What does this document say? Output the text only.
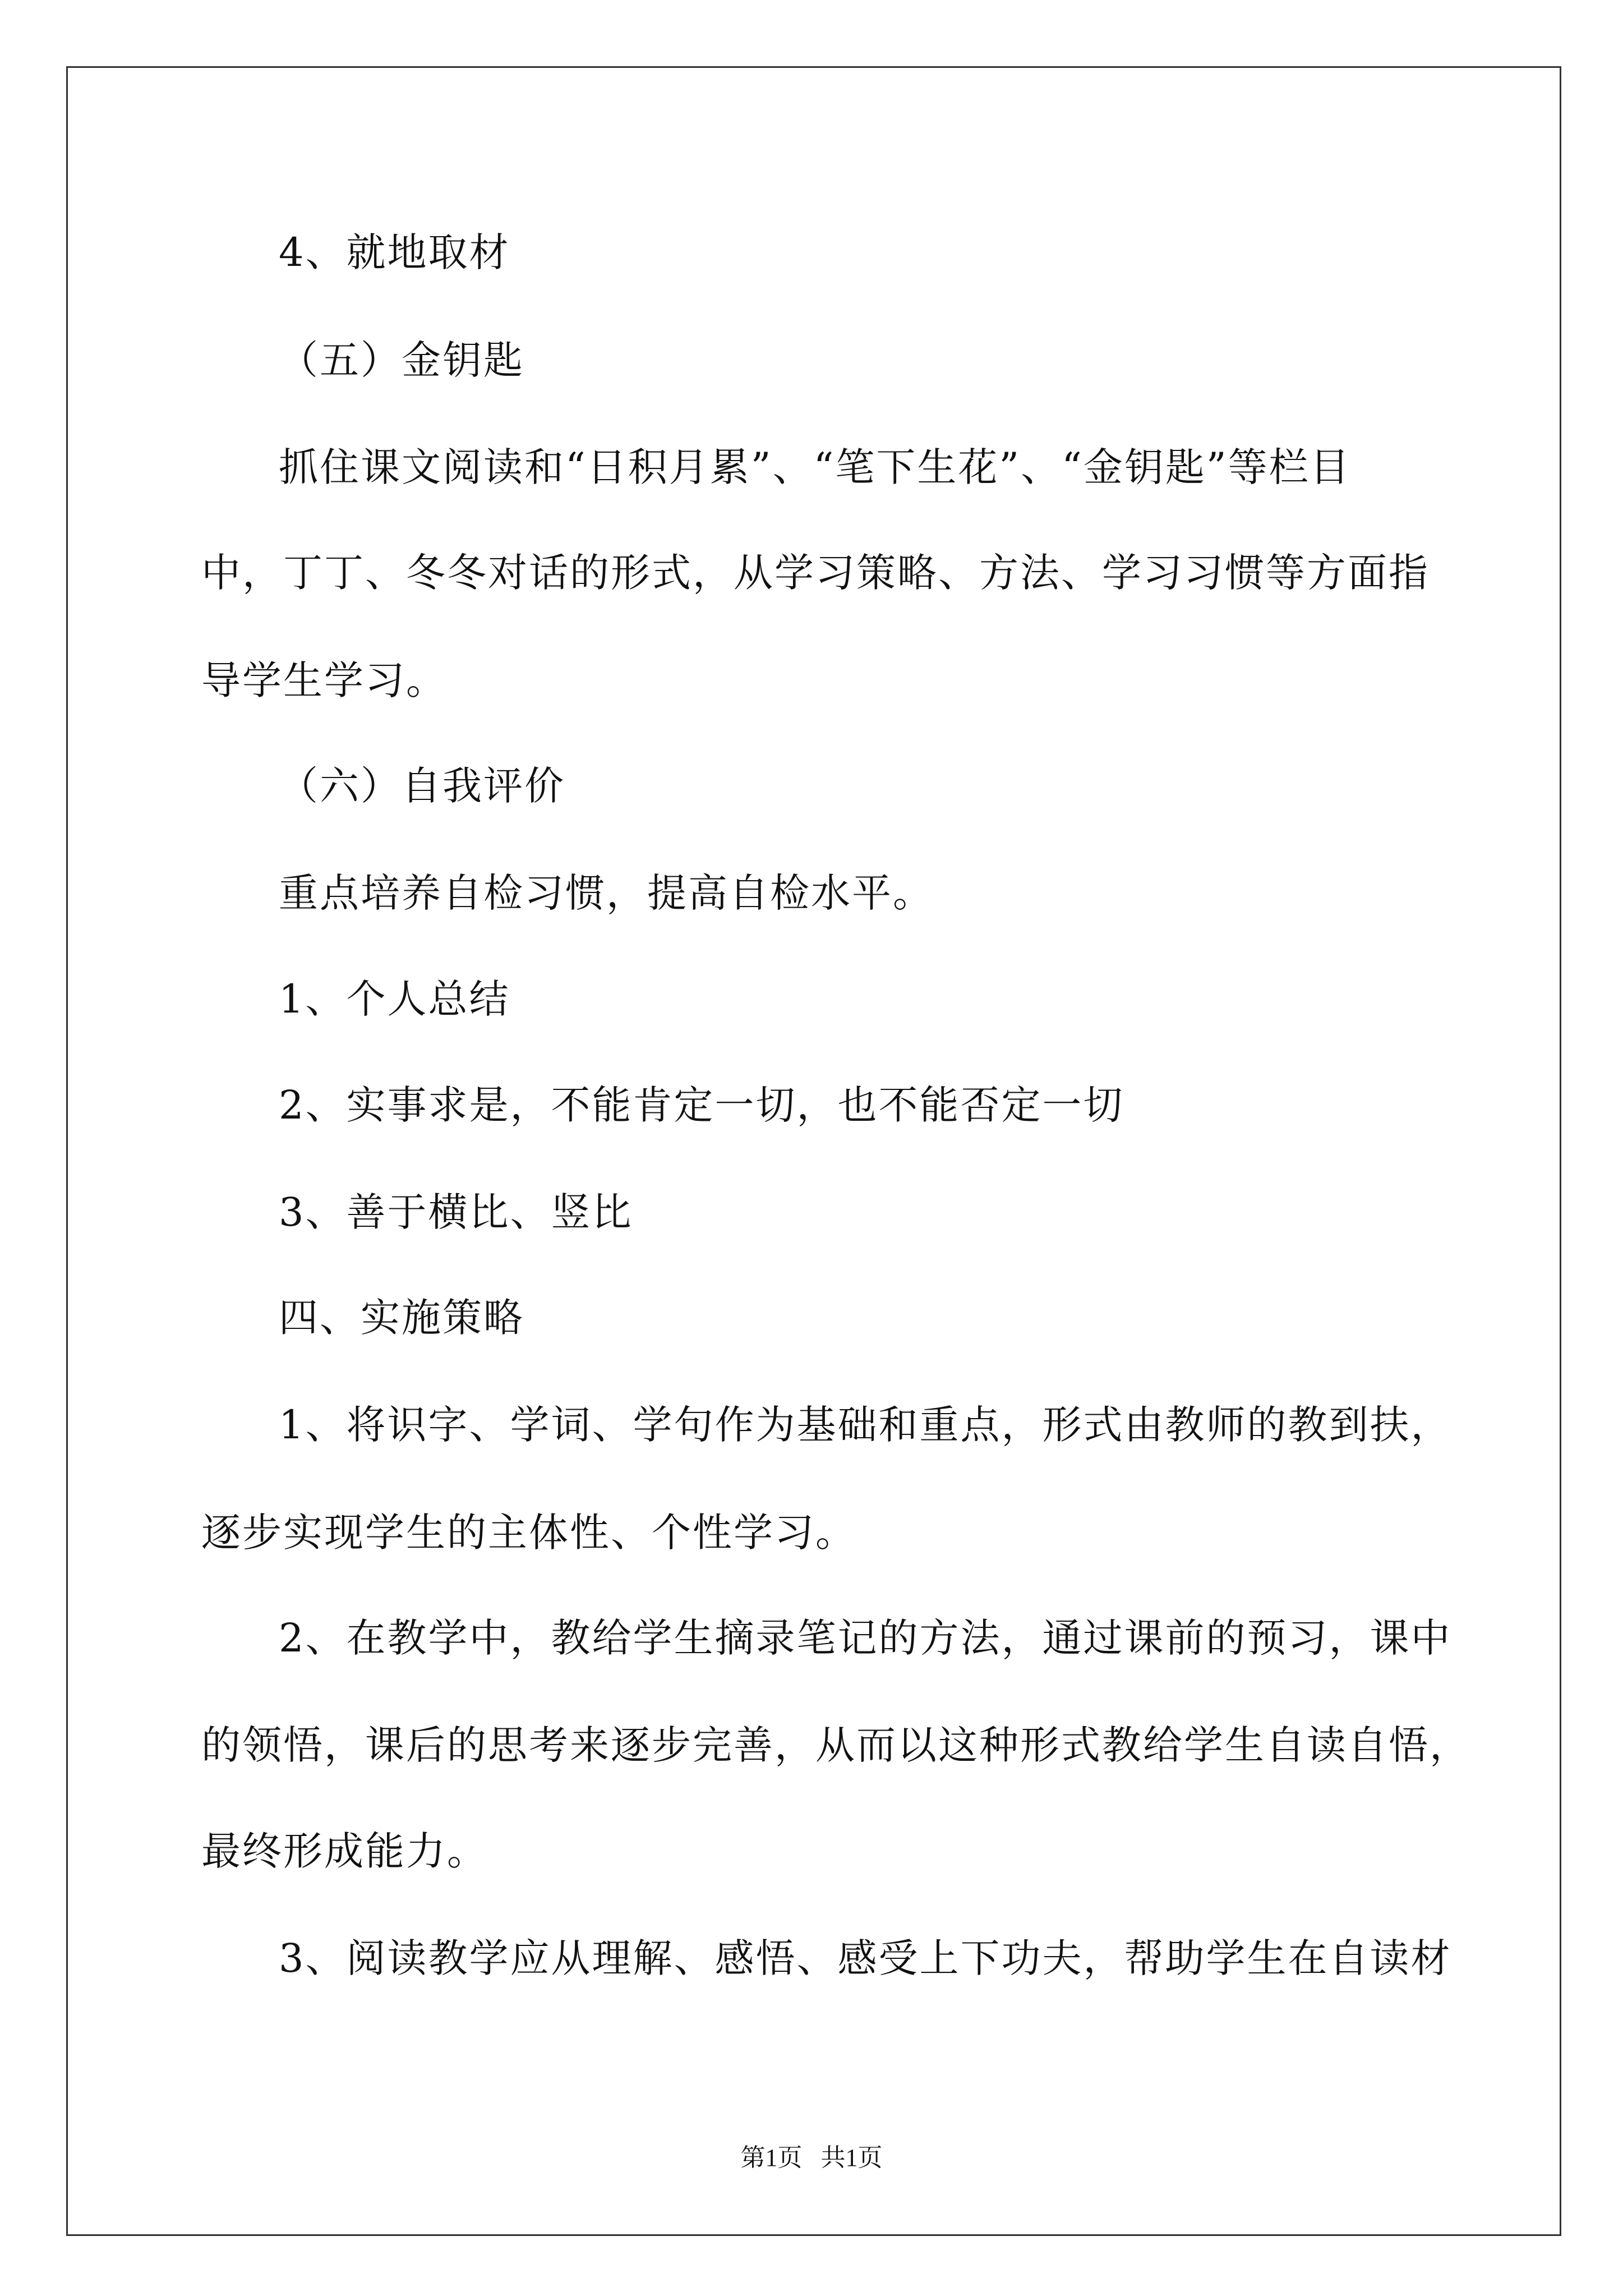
4、就地取材
（五）金钥匙
抓住课文阅读和“日积月累”、“笔下生花”、“金钥匙”等栏目
中，丁丁、冬冬对话的形式，从学习策略、方法、学习习惯等方面指
导学生学习。
（六）自我评价
重点培养自检习惯，提高自检水平。
1、个人总结
2、实事求是，不能肯定一切，也不能否定一切
3、善于横比、竖比
四、实施策略
1、将识字、学词、学句作为基础和重点，形式由教师的教到扶，
逐步实现学生的主体性、个性学习。
2、在教学中，教给学生摘录笔记的方法，通过课前的预习，课中
的领悟，课后的思考来逐步完善，从而以这种形式教给学生自读自悟，
最终形成能力。
3、阅读教学应从理解、感悟、感受上下功夫，帮助学生在自读材
第1页   共1页
